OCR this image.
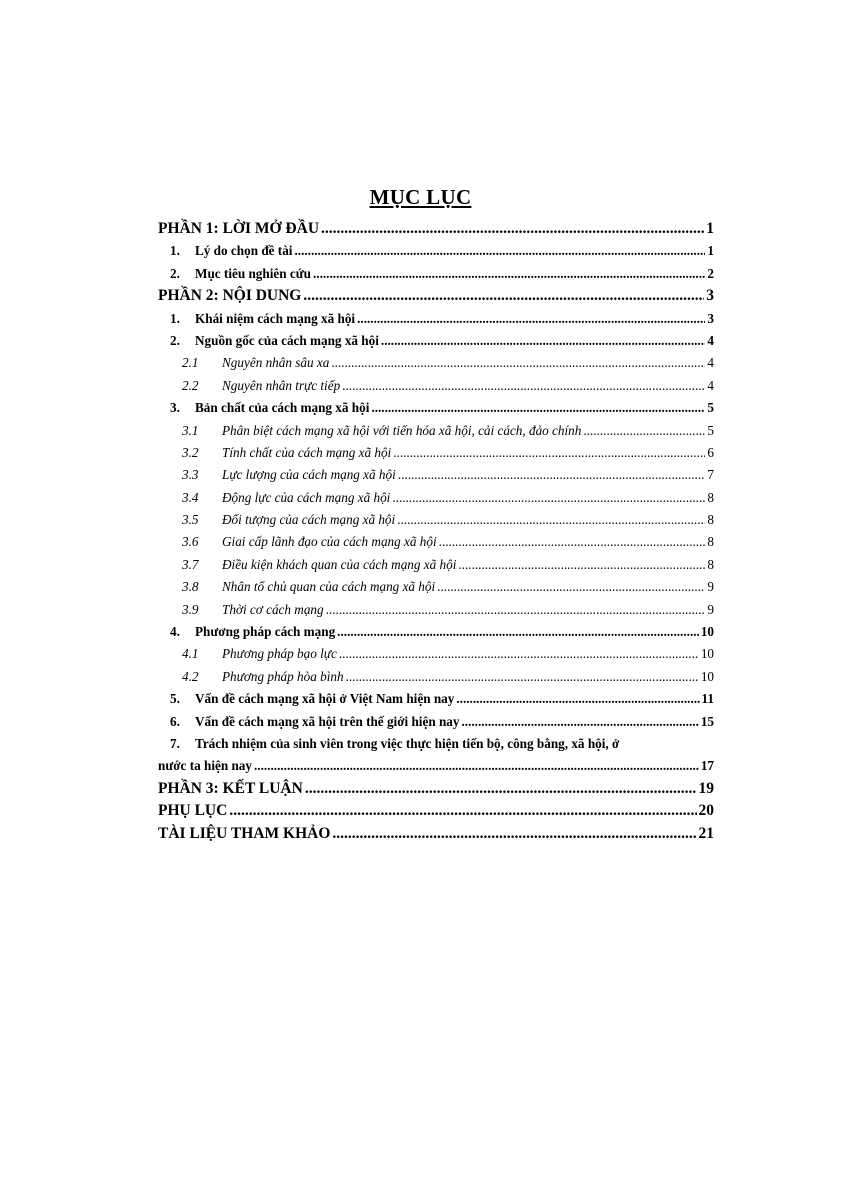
MỤC LỤC
PHẦN 1: LỜI MỞ ĐẦU .....	1
1.	Lý do chọn đề tài .....	1
2.	Mục tiêu nghiên cứu .....	2
PHẦN 2: NỘI DUNG .....	3
1.	Khái niệm cách mạng xã hội .....	3
2.	Nguồn gốc của cách mạng xã hội .....	4
2.1	Nguyên nhân sâu xa .....	4
2.2	Nguyên nhân trực tiếp .....	4
3.	Bản chất của cách mạng xã hội .....	5
3.1	Phân biệt cách mạng xã hội với tiến hóa xã hội, cải cách, đảo chính .....	5
3.2	Tính chất của cách mạng xã hội .....	6
3.3	Lực lượng của cách mạng xã hội .....	7
3.4	Động lực của cách mạng xã hội .....	8
3.5	Đối tượng của cách mạng xã hội .....	8
3.6	Giai cấp lãnh đạo của cách mạng xã hội .....	8
3.7	Điều kiện khách quan của cách mạng xã hội .....	8
3.8	Nhân tố chủ quan của cách mạng xã hội .....	9
3.9	Thời cơ cách mạng .....	9
4.	Phương pháp cách mạng .....	10
4.1	Phương pháp bạo lực .....	10
4.2	Phương pháp hòa bình .....	10
5.	Vấn đề cách mạng xã hội ở Việt Nam hiện nay .....	11
6.	Vấn đề cách mạng xã hội trên thế giới hiện nay .....	15
7. Trách nhiệm của sinh viên trong việc thực hiện tiến bộ, công bằng, xã hội, ở
nước ta hiện nay .....	17
PHẦN 3: KẾT LUẬN .....	19
PHỤ LỤC .....	20
TÀI LIỆU THAM KHẢO .....	21
